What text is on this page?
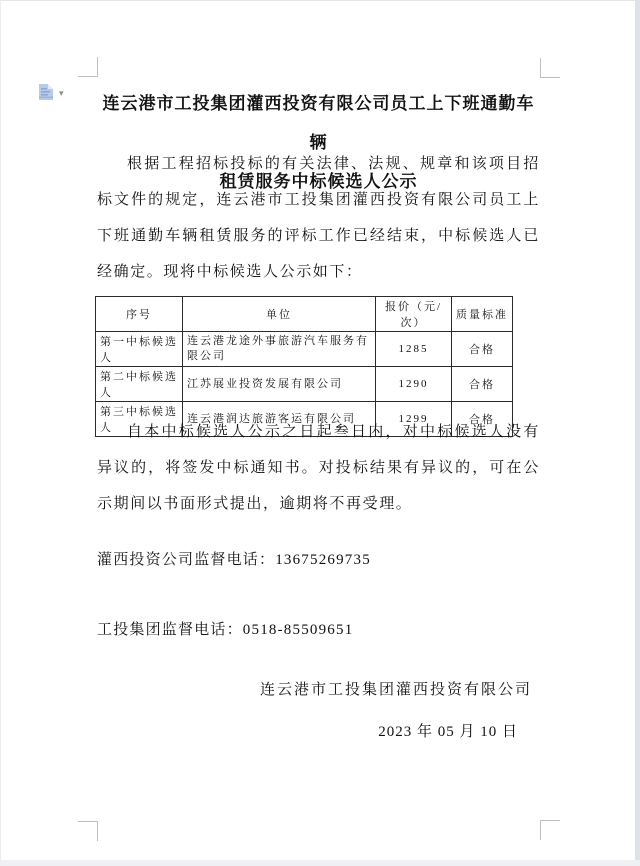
▾
连云港市工投集团灌西投资有限公司员工上下班通勤车辆
租赁服务中标候选人公示
根据工程招标投标的有关法律、法规、规章和该项目招标文件的规定，连云港市工投集团灌西投资有限公司员工上下班通勤车辆租赁服务的评标工作已经结束，中标候选人已经确定。现将中标候选人公示如下：
序号	单位	报价（元/次）	质量标准
第一中标候选人	连云港龙途外事旅游汽车服务有限公司	1285	合格
第二中标候选人	江苏展业投资发展有限公司	1290	合格
第三中标候选人	连云港润达旅游客运有限公司	1299	合格
自本中标候选人公示之日起叁日内，对中标候选人没有异议的，将签发中标通知书。对投标结果有异议的，可在公示期间以书面形式提出，逾期将不再受理。
灌西投资公司监督电话：13675269735
工投集团监督电话：0518-85509651
连云港市工投集团灌西投资有限公司
2023 年 05 月 10 日
